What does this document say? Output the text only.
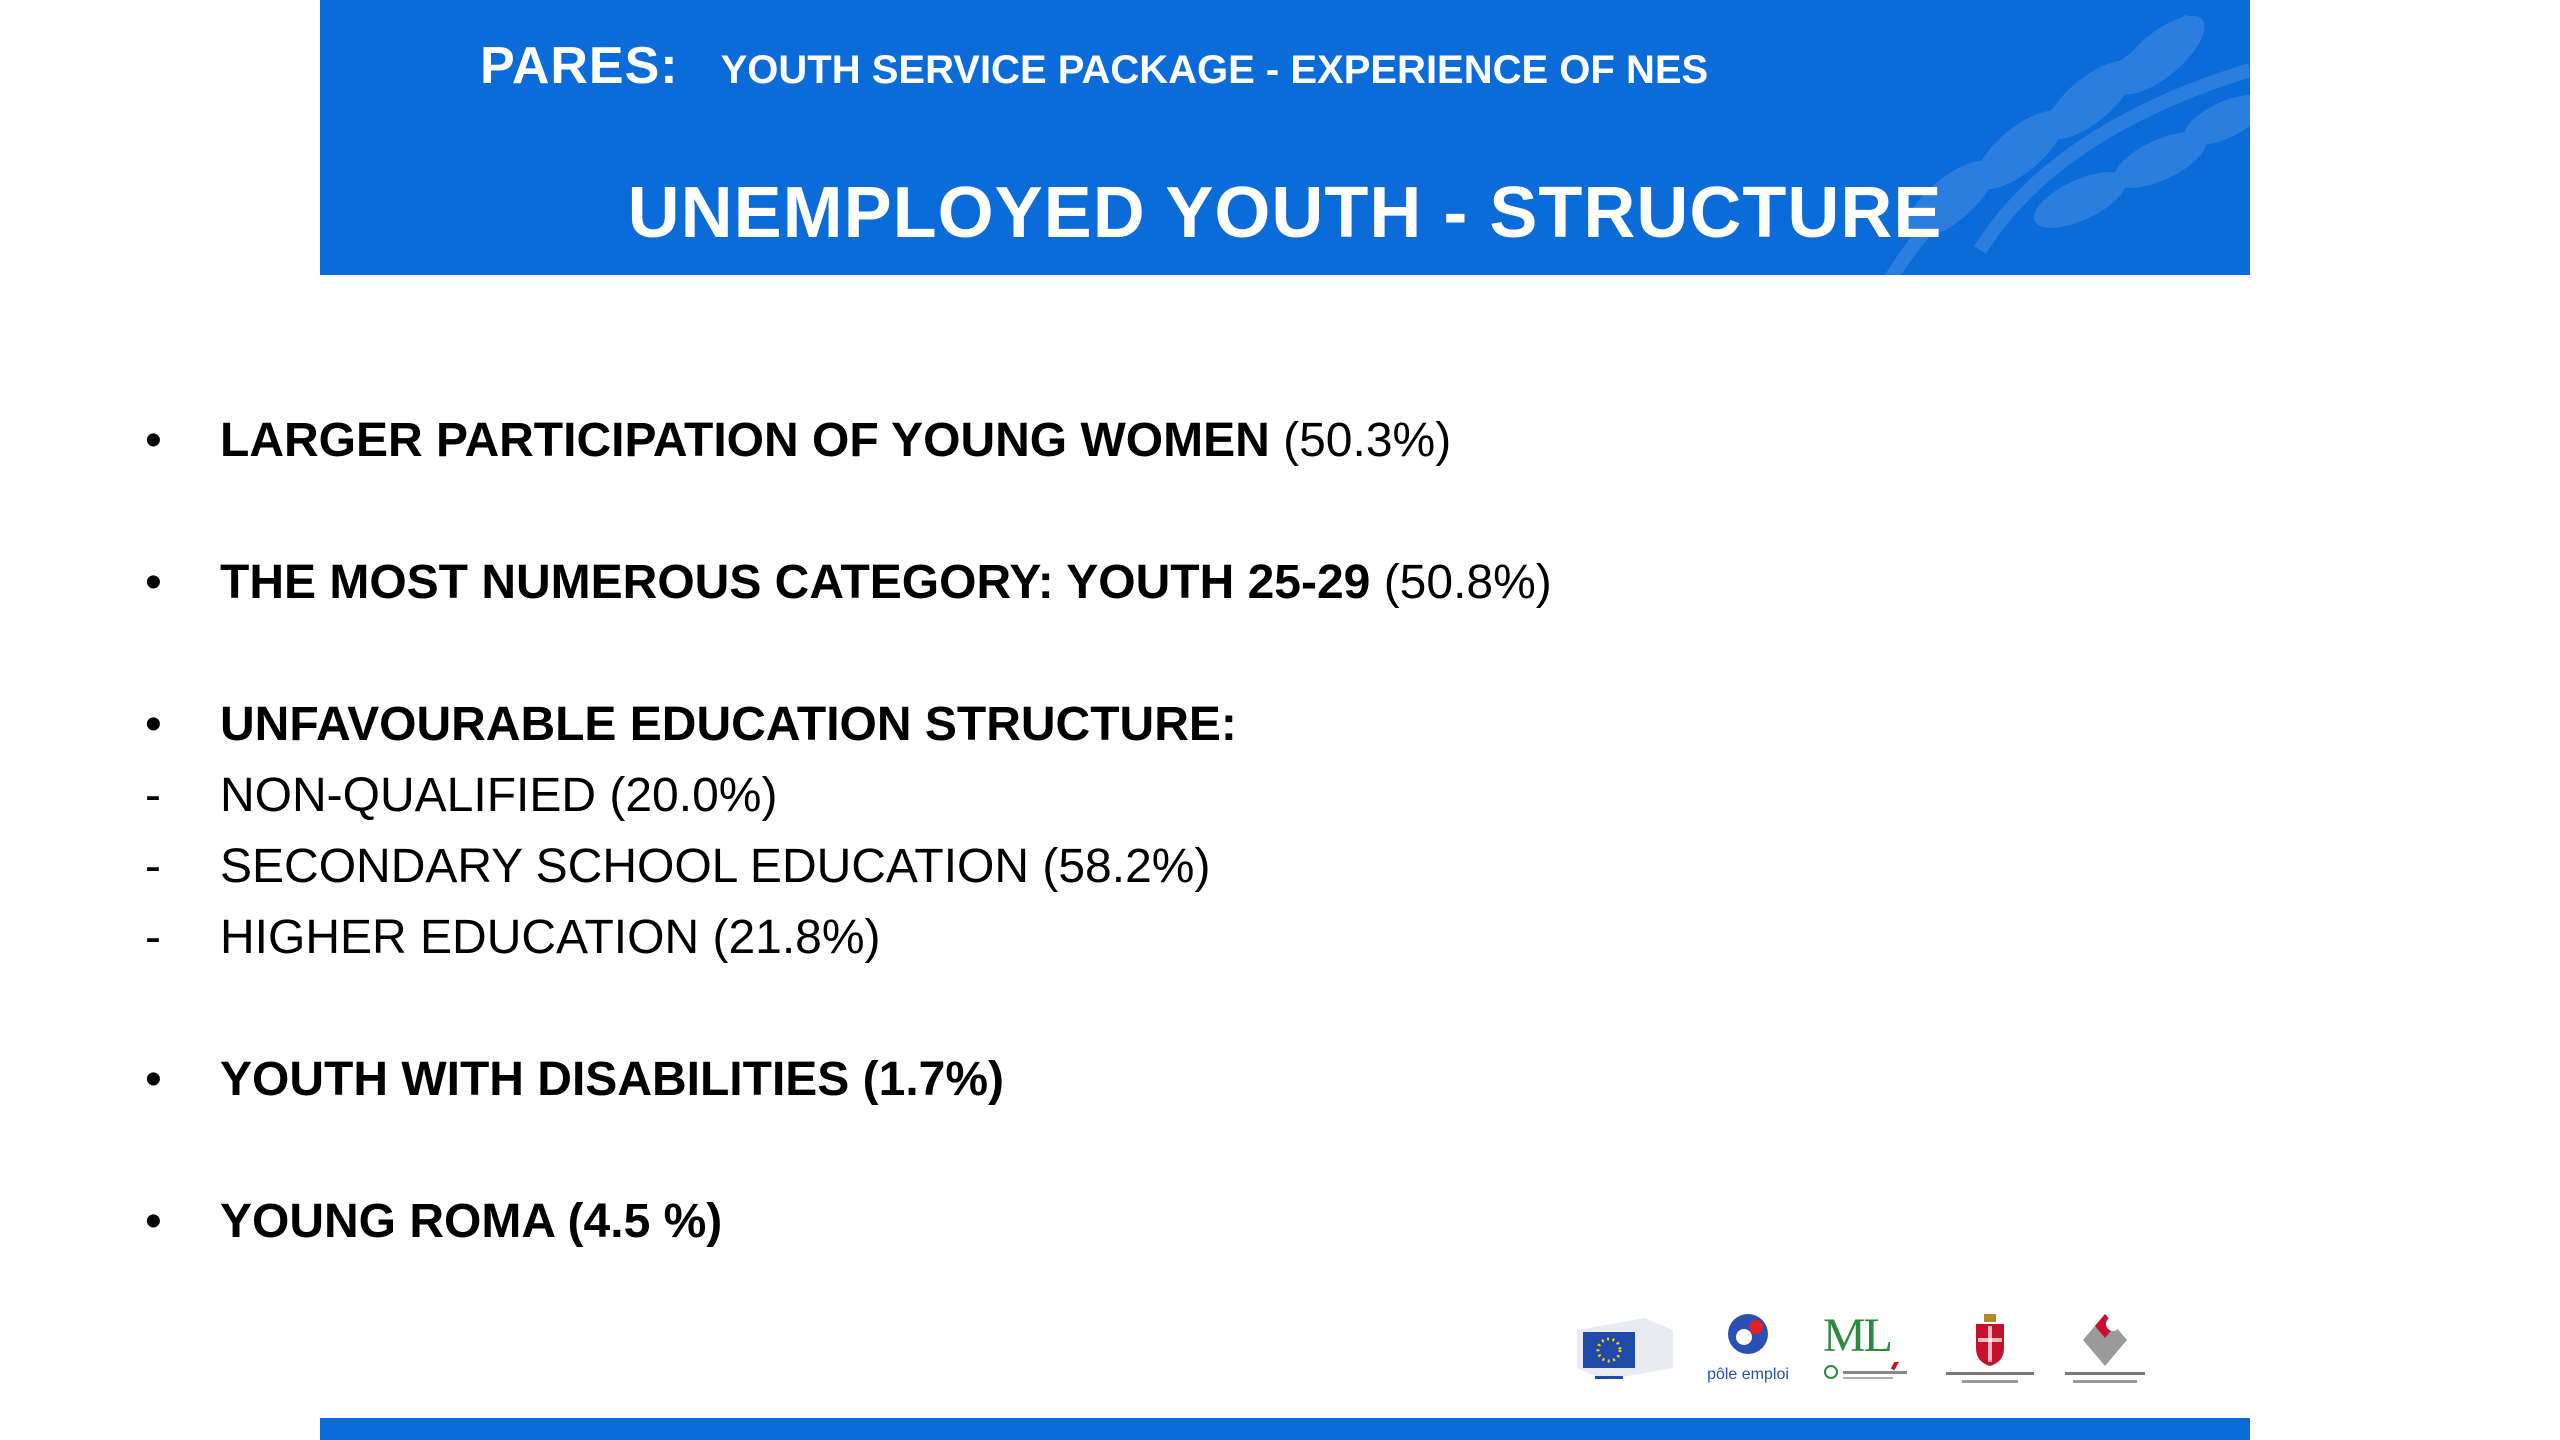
PARES: YOUTH SERVICE PACKAGE - EXPERIENCE OF NES
UNEMPLOYED YOUTH - STRUCTURE
•	LARGER PARTICIPATION OF YOUNG WOMEN (50.3%)
•	THE MOST NUMEROUS CATEGORY: YOUTH 25-29 (50.8%)
•	UNFAVOURABLE EDUCATION STRUCTURE:
-	NON-QUALIFIED (20.0%)
-	SECONDARY SCHOOL EDUCATION (58.2%)
-	HIGHER EDUCATION (21.8%)
•	YOUTH WITH DISABILITIES (1.7%)
•	YOUNG ROMA (4.5 %)
pôle emploi
ML
